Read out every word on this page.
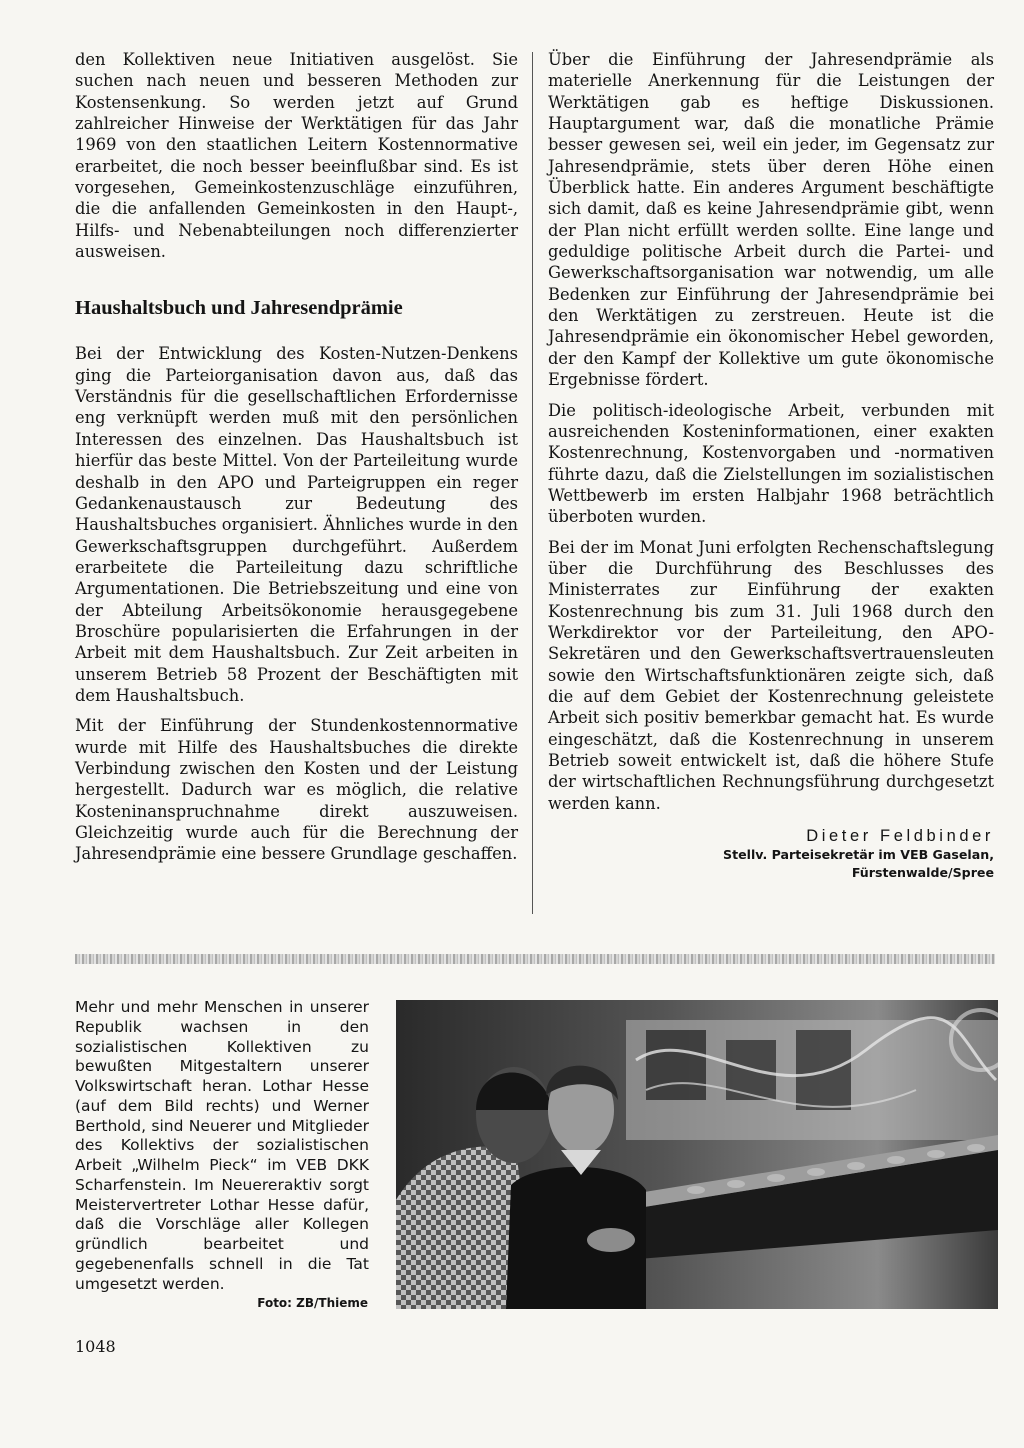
den Kollektiven neue Initiativen ausgelöst. Sie suchen nach neuen und besseren Methoden zur Kostensenkung. So werden jetzt auf Grund zahlreicher Hinweise der Werktätigen für das Jahr 1969 von den staatlichen Leitern Kostennormative erarbeitet, die noch besser beeinflußbar sind. Es ist vorgesehen, Gemeinkostenzuschläge einzuführen, die die anfallenden Gemeinkosten in den Haupt-, Hilfs- und Nebenabteilungen noch differenzierter ausweisen.

Haushaltsbuch und Jahresendprämie

Bei der Entwicklung des Kosten-Nutzen-Denkens ging die Parteiorganisation davon aus, daß das Verständnis für die gesellschaftlichen Erfordernisse eng verknüpft werden muß mit den persönlichen Interessen des einzelnen. Das Haushaltsbuch ist hierfür das beste Mittel. Von der Parteileitung wurde deshalb in den APO und Parteigruppen ein reger Gedankenaustausch zur Bedeutung des Haushaltsbuches organisiert. Ähnliches wurde in den Gewerkschaftsgruppen durchgeführt. Außerdem erarbeitete die Parteileitung dazu schriftliche Argumentationen. Die Betriebszeitung und eine von der Abteilung Arbeitsökonomie herausgegebene Broschüre popularisierten die Erfahrungen in der Arbeit mit dem Haushaltsbuch. Zur Zeit arbeiten in unserem Betrieb 58 Prozent der Beschäftigten mit dem Haushaltsbuch.

Mit der Einführung der Stundenkostennormative wurde mit Hilfe des Haushaltsbuches die direkte Verbindung zwischen den Kosten und der Leistung hergestellt. Dadurch war es möglich, die relative Kosteninanspruchnahme direkt auszuweisen. Gleichzeitig wurde auch für die Berechnung der Jahresendprämie eine bessere Grundlage geschaffen.

Über die Einführung der Jahresendprämie als materielle Anerkennung für die Leistungen der Werktätigen gab es heftige Diskussionen. Hauptargument war, daß die monatliche Prämie besser gewesen sei, weil ein jeder, im Gegensatz zur Jahresendprämie, stets über deren Höhe einen Überblick hatte. Ein anderes Argument beschäftigte sich damit, daß es keine Jahresendprämie gibt, wenn der Plan nicht erfüllt werden sollte. Eine lange und geduldige politische Arbeit durch die Partei- und Gewerkschaftsorganisation war notwendig, um alle Bedenken zur Einführung der Jahresendprämie bei den Werktätigen zu zerstreuen. Heute ist die Jahresendprämie ein ökonomischer Hebel geworden, der den Kampf der Kollektive um gute ökonomische Ergebnisse fördert.

Die politisch-ideologische Arbeit, verbunden mit ausreichenden Kosteninformationen, einer exakten Kostenrechnung, Kostenvorgaben und -normativen führte dazu, daß die Zielstellungen im sozialistischen Wettbewerb im ersten Halbjahr 1968 beträchtlich überboten wurden.

Bei der im Monat Juni erfolgten Rechenschaftslegung über die Durchführung des Beschlusses des Ministerrates zur Einführung der exakten Kostenrechnung bis zum 31. Juli 1968 durch den Werkdirektor vor der Parteileitung, den APO-Sekretären und den Gewerkschaftsvertrauensleuten sowie den Wirtschaftsfunktionären zeigte sich, daß die auf dem Gebiet der Kostenrechnung geleistete Arbeit sich positiv bemerkbar gemacht hat. Es wurde eingeschätzt, daß die Kostenrechnung in unserem Betrieb soweit entwickelt ist, daß die höhere Stufe der wirtschaftlichen Rechnungsführung durchgesetzt werden kann.

Dieter Feldbinder
Stellv. Parteisekretär im VEB Gaselan,
Fürstenwalde/Spree
Mehr und mehr Menschen in unserer Republik wachsen in den sozialistischen Kollektiven zu bewußten Mitgestaltern unserer Volkswirtschaft heran. Lothar Hesse (auf dem Bild rechts) und Werner Berthold, sind Neuerer und Mitglieder des Kollektivs der sozialistischen Arbeit „Wilhelm Pieck“ im VEB DKK Scharfenstein. Im Neuereraktiv sorgt Meistervertreter Lothar Hesse dafür, daß die Vorschläge aller Kollegen gründlich bearbeitet und gegebenenfalls schnell in die Tat umgesetzt werden.
Foto: ZB/Thieme
1048
